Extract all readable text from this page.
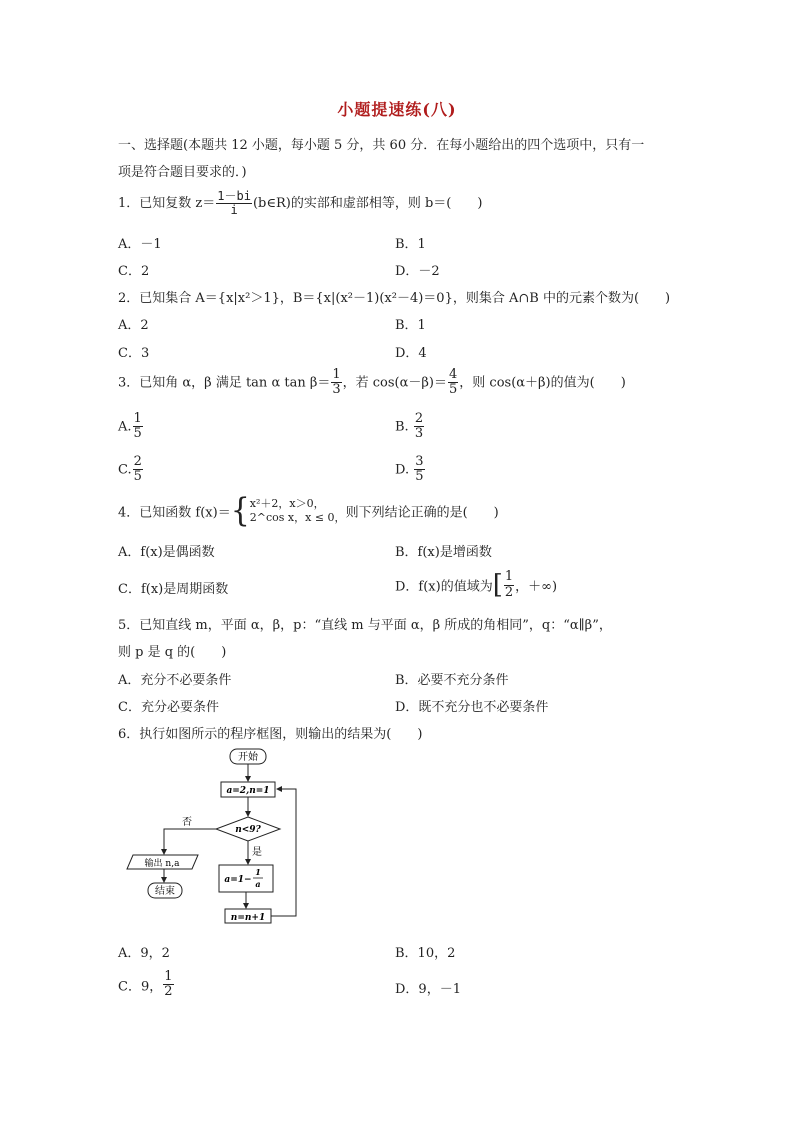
小题提速练(八)
一、选择题(本题共 12 小题，每小题 5 分，共 60 分．在每小题给出的四个选项中，只有一
项是符合题目要求的．)
1．已知复数 $z= \frac{1-bi}{i}$ (b∈R)的实部和虚部相等，则 b＝(　　)
A．－1	B．1
C．2	D．－2
2．已知集合 A＝{x|x²＞1}，B＝{x|(x²－1)(x²－4)＝0}，则集合 A∩B 中的元素个数为(　　)
A．2	B．1
C．3	D．4
3．已知角 α，β 满足 tan α $\tan \beta= \frac{1}{3}$ ，若 $\cos(\alpha-\beta)= \frac{4}{5}$ ，则 cos(α＋β)的值为(　　)
A. $\frac{1}{5}$	B. $\frac{2}{3}$
C. $\frac{2}{5}$	D. $\frac{3}{5}$
4．已知函数 f(x)＝{ x²＋2，x＞0，
2^cos x，x ≤ 0， 则下列结论正确的是(　　)
A．f(x)是偶函数	B．f(x)是增函数
C．f(x)是周期函数	D．f(x)的值域为[ $\frac{1}{2}$ ，＋∞)
5．已知直线 m，平面 α，β，p：“直线 m 与平面 α，β 所成的角相同”，q：“α∥β”，
则 p 是 q 的(　　)
A．充分不必要条件	B．必要不充分条件
C．充分必要条件	D．既不充分也不必要条件
6．执行如图所示的程序框图，则输出的结果为(　　)
开始
a=2,n=1
n<9?
否
输出 n,a
结束
是
a=1−
1
a
n=n+1
A．9，2	B．10，2
C．9， $\frac{1}{2}$	D．9，－1
